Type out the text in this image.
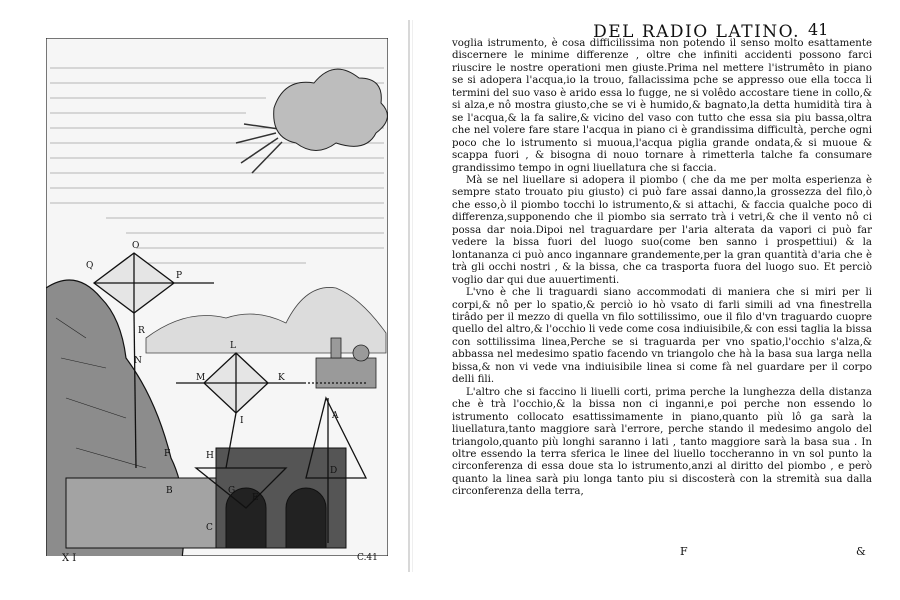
O
Q
P
R
N
L
M	K
I
H
G
F
E
A
D
B
C
X I	C.41
DEL RADIO LATINO. 41

voglia istrumento, è cosa difficilissima non potendo il senso molto esattamente discernere le minime differenze , oltre che infiniti accidenti possono farci riuscire le nostre operationi men giuste.Prima nel mettere l'istrumêto in piano se si adopera l'acqua,io la trouo, fallacissima pche se appresso oue ella tocca li termini del suo vaso è arido essa lo fugge, ne si volêdo accostare tiene in collo,& si alza,e nô mostra giusto,che se vi è humido,& bagnato,la detta humidità tira à se l'acqua,& la fa salire,& vicino del vaso con tutto che essa sia piu bassa,oltra che nel volere fare stare l'acqua in piano ci è grandissima difficultà, perche ogni poco che lo istrumento si muoua,l'acqua piglia grande ondata,& si muoue & scappa fuori , & bisogna di nouo tornare à rimetterla talche fa consumare grandissimo tempo in ogni liuellatura che si faccia.

Mà se nel liuellare si adopera il piombo ( che da me per molta esperienza è sempre stato trouato piu giusto) ci può fare assai danno,la grossezza del filo,ò che esso,ò il piombo tocchi lo istrumento,& si attachi, & faccia qualche poco di differenza,supponendo che il piombo sia serrato trà i vetri,& che il vento nô ci possa dar noia.Dipoi nel traguardare per l'aria alterata da vapori ci può far vedere la bissa fuori del luogo suo(come ben sanno i prospettiui) & la lontananza ci può anco ingannare grandemente,per la gran quantità d'aria che è trà gli occhi nostri , & la bissa, che ca trasporta fuora del luogo suo. Et perciò voglio dar qui due auuertimenti.

L'vno è che li traguardi siano accommodati di maniera che si miri per li corpi,& nô per lo spatio,& perciò io hò vsato di farli simili ad vna finestrella tirâdo per il mezzo di quella vn filo sottilissimo, oue il filo d'vn traguardo cuopre quello del altro,& l'occhio li vede come cosa indiuisibile,& con essi taglia la bissa con sottilissima linea,Perche se si traguarda per vno spatio,l'occhio s'alza,& abbassa nel medesimo spatio facendo vn triangolo che hà la basa sua larga nella bissa,& non vi vede vna indiuisibile linea si come fà nel guardare per il corpo delli fili.

L'altro che si faccino li liuelli corti, prima perche la lunghezza della distanza che è trà l'occhio,& la bissa non ci inganni,e poi perche non essendo lo istrumento collocato esattissimamente in piano,quanto più lô ga sarà la liuellatura,tanto maggiore sarà l'errore, perche stando il medesimo angolo del triangolo,quanto più longhi saranno i lati , tanto maggiore sarà la basa sua . In oltre essendo la terra sferica le linee del liuello toccheranno in vn sol punto la circonferenza di essa doue sta lo istrumento,anzi al diritto del piombo , e però quanto la linea sarà piu longa tanto piu si discosterà con la stremità sua dalla circonferenza della terra,

F	&
